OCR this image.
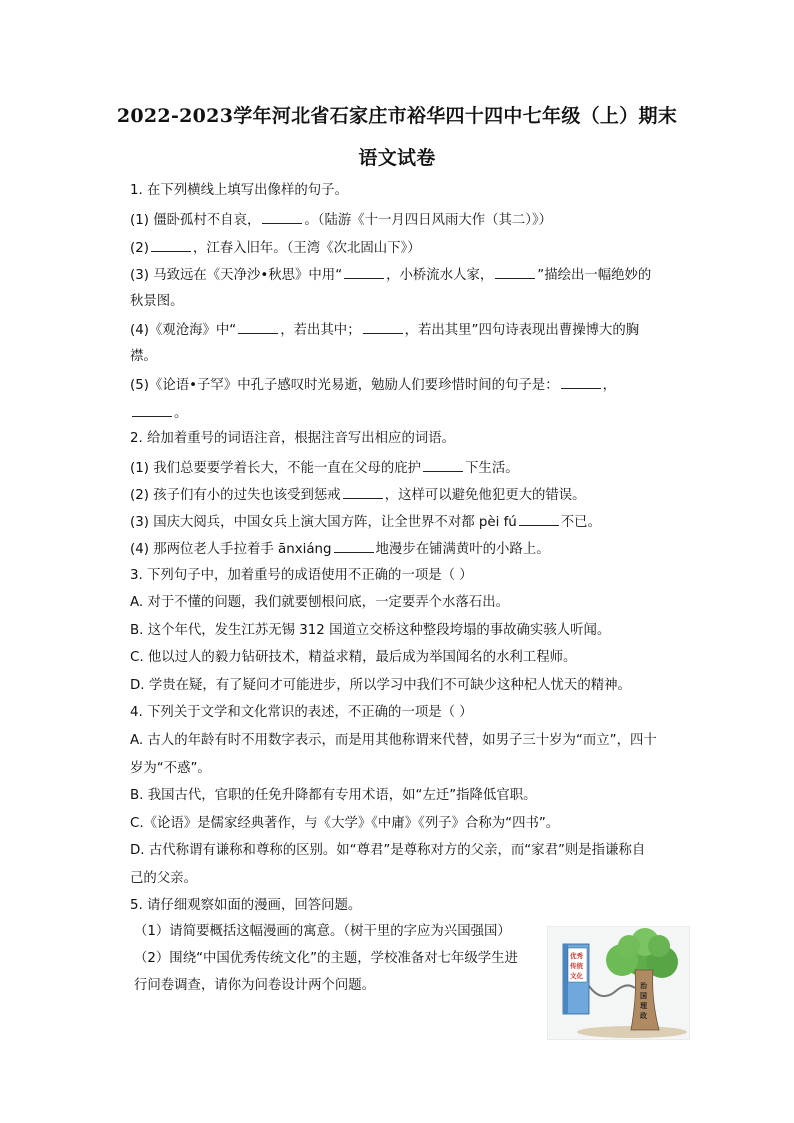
2022-2023学年河北省石家庄市裕华四十四中七年级（上）期末
语文试卷
1. 在下列横线上填写出像样的句子。
(1) 僵卧孤村不自哀，	。（陆游《十一月四日风雨大作（其二）》）
(2)	，江春入旧年。（王湾《次北固山下》）
(3) 马致远在《天净沙•秋思》中用“	，小桥流水人家，	”描绘出一幅绝妙的
秋景图。
(4)《观沧海》中“	，若出其中；	，若出其里”四句诗表现出曹操博大的胸
襟。
(5)《论语•子罕》中孔子感叹时光易逝，勉励人们要珍惜时间的句子是：	，
。
2. 给加着重号的词语注音，根据注音写出相应的词语。
(1) 我们总要要学着长大，不能一直在父母的庇护	下生活。
(2) 孩子们有小的过失也该受到惩戒	，这样可以避免他犯更大的错误。
(3) 国庆大阅兵，中国女兵上演大国方阵，让全世界不对都 pèi fú	不已。
(4) 那两位老人手拉着手 ānxiáng	地漫步在铺满黄叶的小路上。
3. 下列句子中，加着重号的成语使用不正确的一项是（ ）
A. 对于不懂的问题，我们就要刨根问底，一定要弄个水落石出。
B. 这个年代，发生江苏无锡 312 国道立交桥这种整段垮塌的事故确实骇人听闻。
C. 他以过人的毅力钻研技术，精益求精，最后成为举国闻名的水利工程师。
D. 学贵在疑，有了疑问才可能进步，所以学习中我们不可缺少这种杞人忧天的精神。
4. 下列关于文学和文化常识的表述，不正确的一项是（ ）
A. 古人的年龄有时不用数字表示，而是用其他称谓来代替，如男子三十岁为“而立”，四十
岁为“不惑”。
B. 我国古代，官职的任免升降都有专用术语，如“左迁”指降低官职。
C.《论语》是儒家经典著作，与《大学》《中庸》《列子》合称为“四书”。
D. 古代称谓有谦称和尊称的区别。如“尊君”是尊称对方的父亲，而“家君”则是指谦称自
己的父亲。
5. 请仔细观察如面的漫画，回答问题。
（1）请简要概括这幅漫画的寓意。（树干里的字应为兴国强国）
（2）围绕“中国优秀传统文化”的主题，学校准备对七年级学生进
行问卷调查，请你为问卷设计两个问题。	治
国
理
政
优秀
传统
文化
